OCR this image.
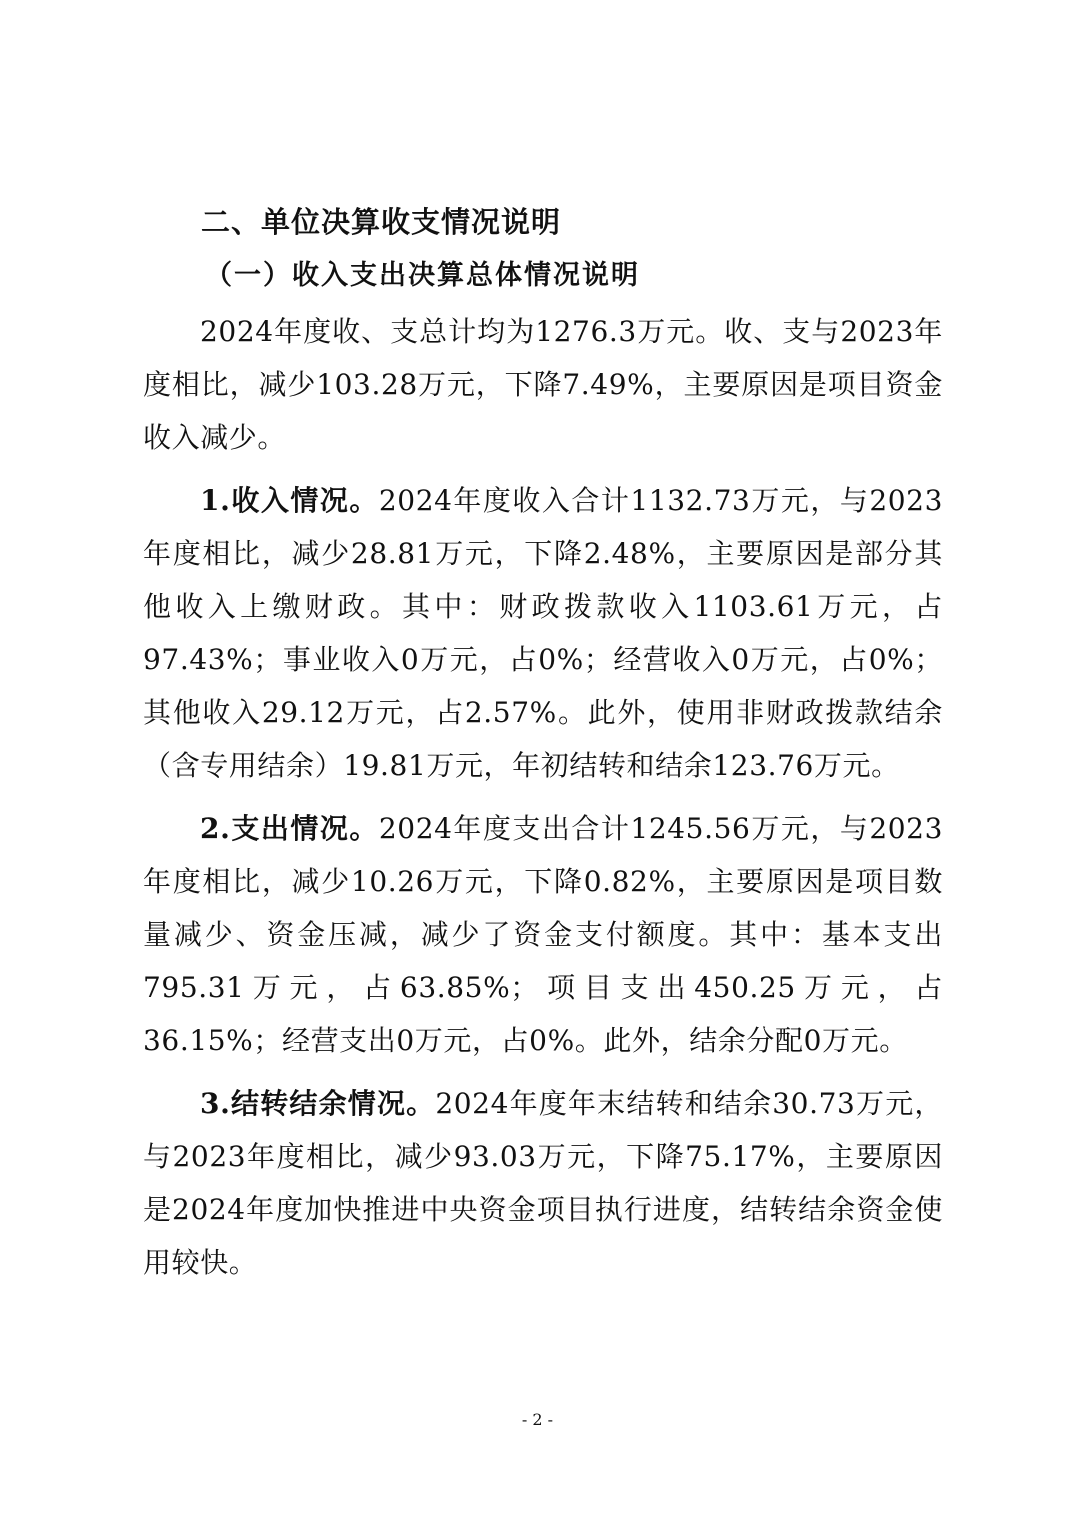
二、单位决算收支情况说明
（一）收入支出决算总体情况说明

2024年度收、支总计均为1276.3万元。收、支与2023年度相比，减少103.28万元，下降7.49%，主要原因是项目资金收入减少。

1.收入情况。2024年度收入合计1132.73万元，与2023年度相比，减少28.81万元，下降2.48%，主要原因是部分其他收入上缴财政。其中：财政拨款收入1103.61万元，占97.43%；事业收入0万元，占0%；经营收入0万元，占0%；其他收入29.12万元，占2.57%。此外，使用非财政拨款结余（含专用结余）19.81万元，年初结转和结余123.76万元。

2.支出情况。2024年度支出合计1245.56万元，与2023年度相比，减少10.26万元，下降0.82%，主要原因是项目数量减少、资金压减，减少了资金支付额度。其中：基本支出795.31万元，占63.85%；项目支出450.25万元，占36.15%；经营支出0万元，占0%。此外，结余分配0万元。

3.结转结余情况。2024年度年末结转和结余30.73万元，与2023年度相比，减少93.03万元，下降75.17%，主要原因是2024年度加快推进中央资金项目执行进度，结转结余资金使用较快。

- 2 -
